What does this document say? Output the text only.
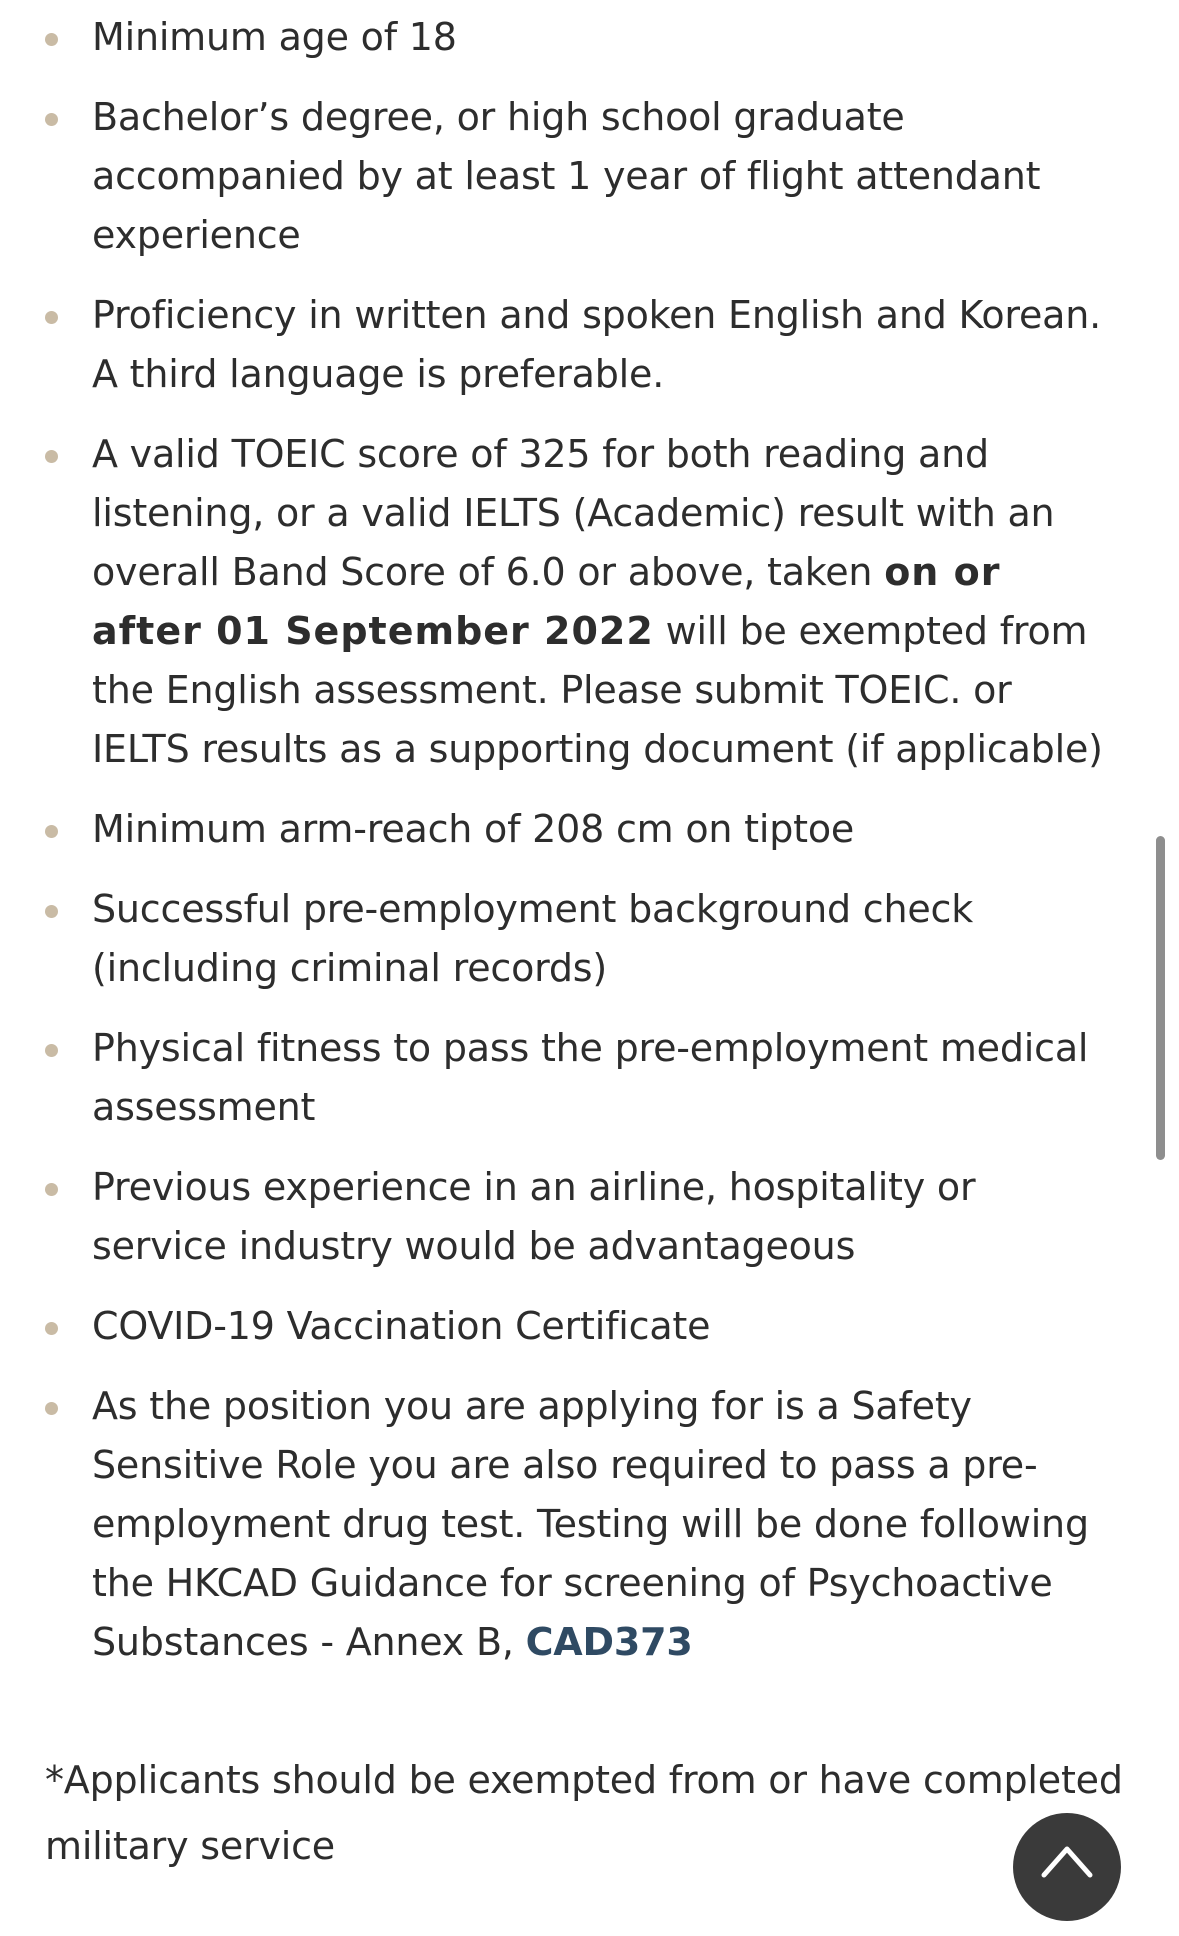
Minimum age of 18
Bachelor’s degree, or high school graduate accompanied by at least 1 year of flight attendant experience
Proficiency in written and spoken English and Korean. A third language is preferable.
A valid TOEIC score of 325 for both reading and listening, or a valid IELTS (Academic) result with an overall Band Score of 6.0 or above, taken on or after 01 September 2022 will be exempted from the English assessment. Please submit TOEIC. or IELTS results as a supporting document (if applicable)
Minimum arm-reach of 208 cm on tiptoe
Successful pre-employment background check (including criminal records)
Physical fitness to pass the pre-employment medical assessment
Previous experience in an airline, hospitality or service industry would be advantageous
COVID-19 Vaccination Certificate
As the position you are applying for is a Safety Sensitive Role you are also required to pass a pre-employment drug test. Testing will be done following the HKCAD Guidance for screening of Psychoactive Substances - Annex B, CAD373
*Applicants should be exempted from or have completed military service
